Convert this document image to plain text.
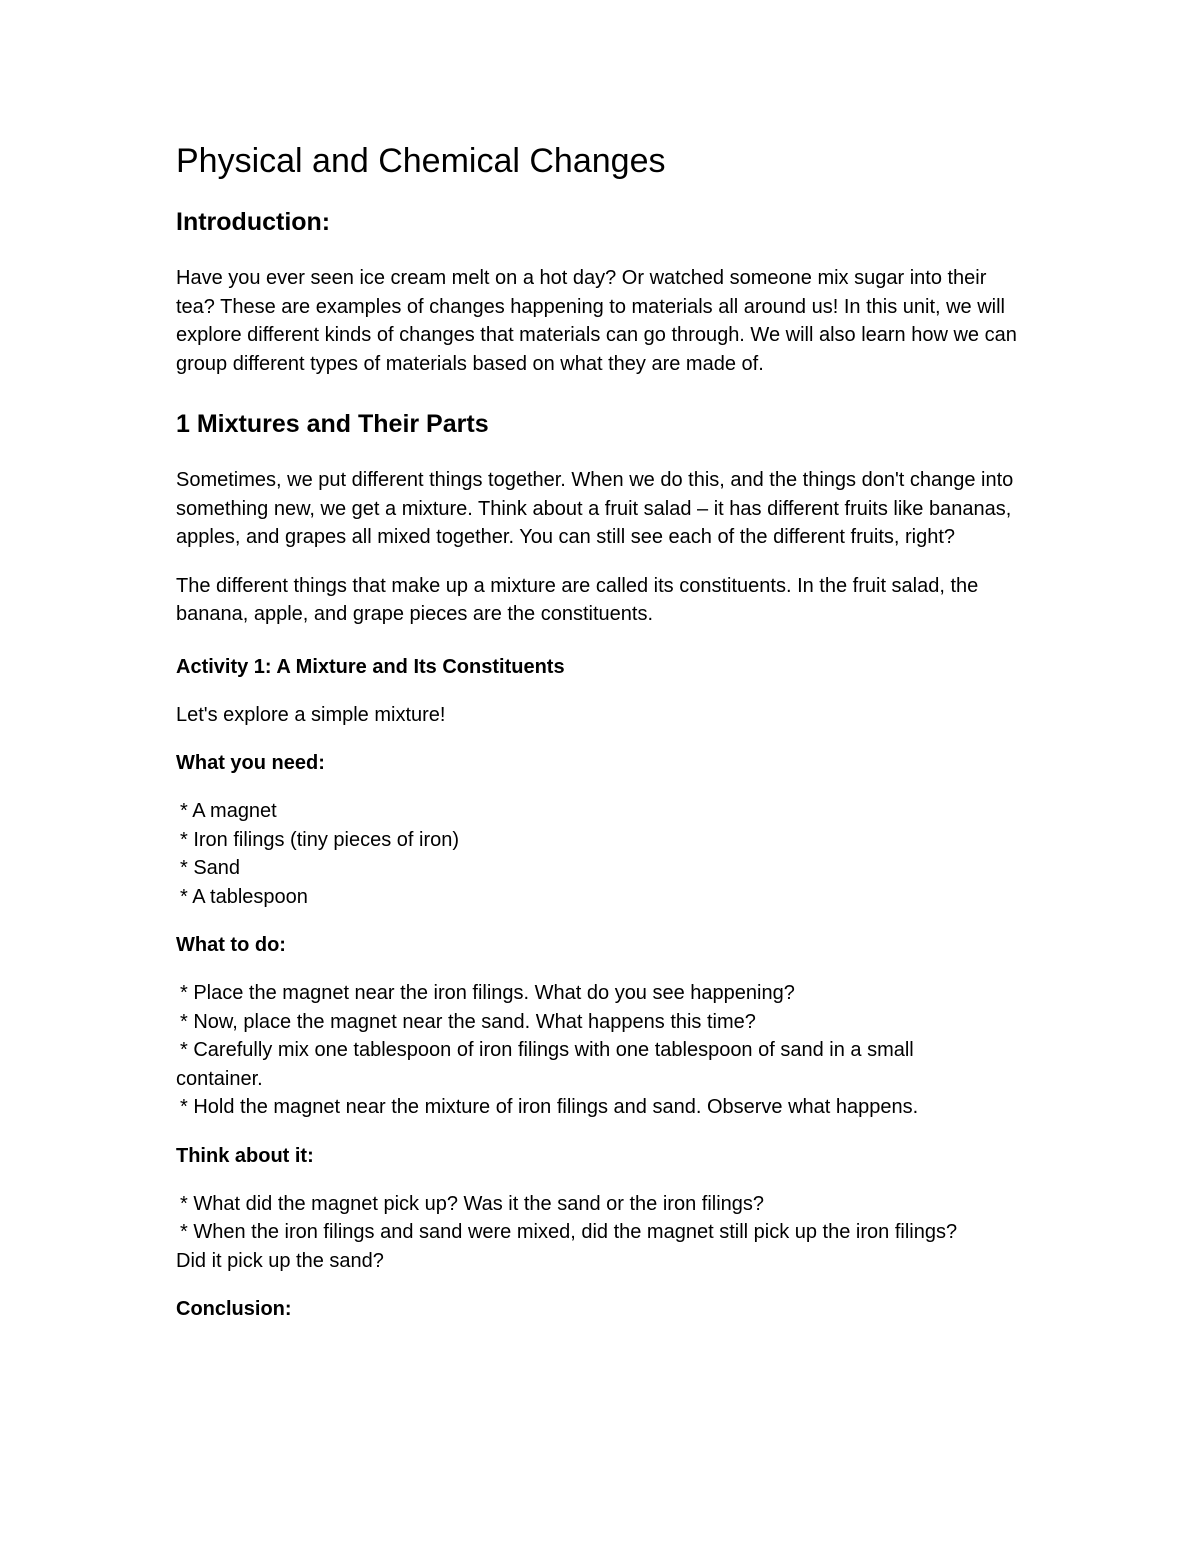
Physical and Chemical Changes
Introduction:

Have you ever seen ice cream melt on a hot day? Or watched someone mix sugar into their tea? These are examples of changes happening to materials all around us! In this unit, we will explore different kinds of changes that materials can go through. We will also learn how we can group different types of materials based on what they are made of.

1 Mixtures and Their Parts

Sometimes, we put different things together. When we do this, and the things don't change into something new, we get a mixture. Think about a fruit salad – it has different fruits like bananas, apples, and grapes all mixed together. You can still see each of the different fruits, right?

The different things that make up a mixture are called its constituents. In the fruit salad, the banana, apple, and grape pieces are the constituents.

Activity 1: A Mixture and Its Constituents

Let's explore a simple mixture!

What you need:
* A magnet
* Iron filings (tiny pieces of iron)
* Sand
* A tablespoon
What to do:
* Place the magnet near the iron filings. What do you see happening?
* Now, place the magnet near the sand. What happens this time?
* Carefully mix one tablespoon of iron filings with one tablespoon of sand in a small
container.
* Hold the magnet near the mixture of iron filings and sand. Observe what happens.
Think about it:
* What did the magnet pick up? Was it the sand or the iron filings?
* When the iron filings and sand were mixed, did the magnet still pick up the iron filings?
Did it pick up the sand?
Conclusion:
